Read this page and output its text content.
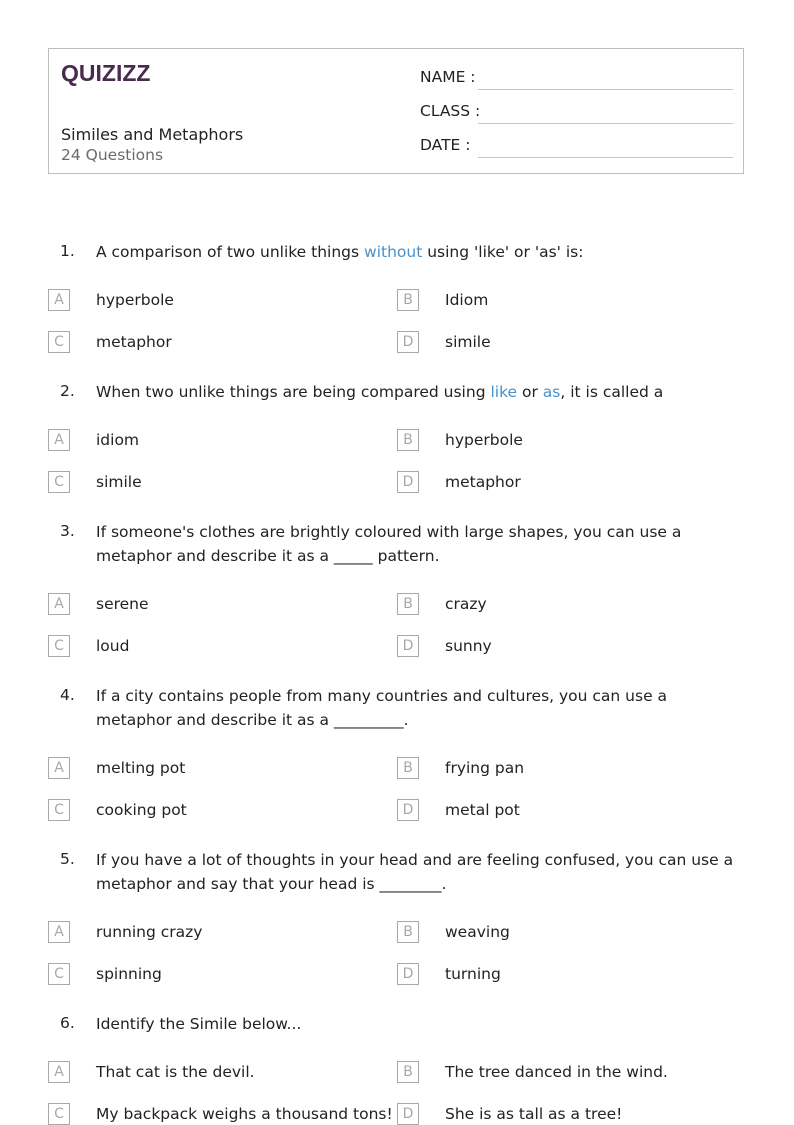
QUIZIZZ
Similes and Metaphors
24 Questions
NAME :
CLASS :
DATE :
1. A comparison of two unlike things without using 'like' or 'as' is:
A	hyperbole	B	Idiom
C	metaphor	D	simile
2. When two unlike things are being compared using like or as, it is called a
A	idiom	B	hyperbole
C	simile	D	metaphor
3. If someone's clothes are brightly coloured with large shapes, you can use a metaphor and describe it as a _____ pattern.
A	serene	B	crazy
C	loud	D	sunny
4. If a city contains people from many countries and cultures, you can use a metaphor and describe it as a _________.
A	melting pot	B	frying pan
C	cooking pot	D	metal pot
5. If you have a lot of thoughts in your head and are feeling confused, you can use a metaphor and say that your head is ________.
A	running crazy	B	weaving
C	spinning	D	turning
6. Identify the Simile below...
A	That cat is the devil.	B	The tree danced in the wind.
C	My backpack weighs a thousand tons! D	She is as tall as a tree!
